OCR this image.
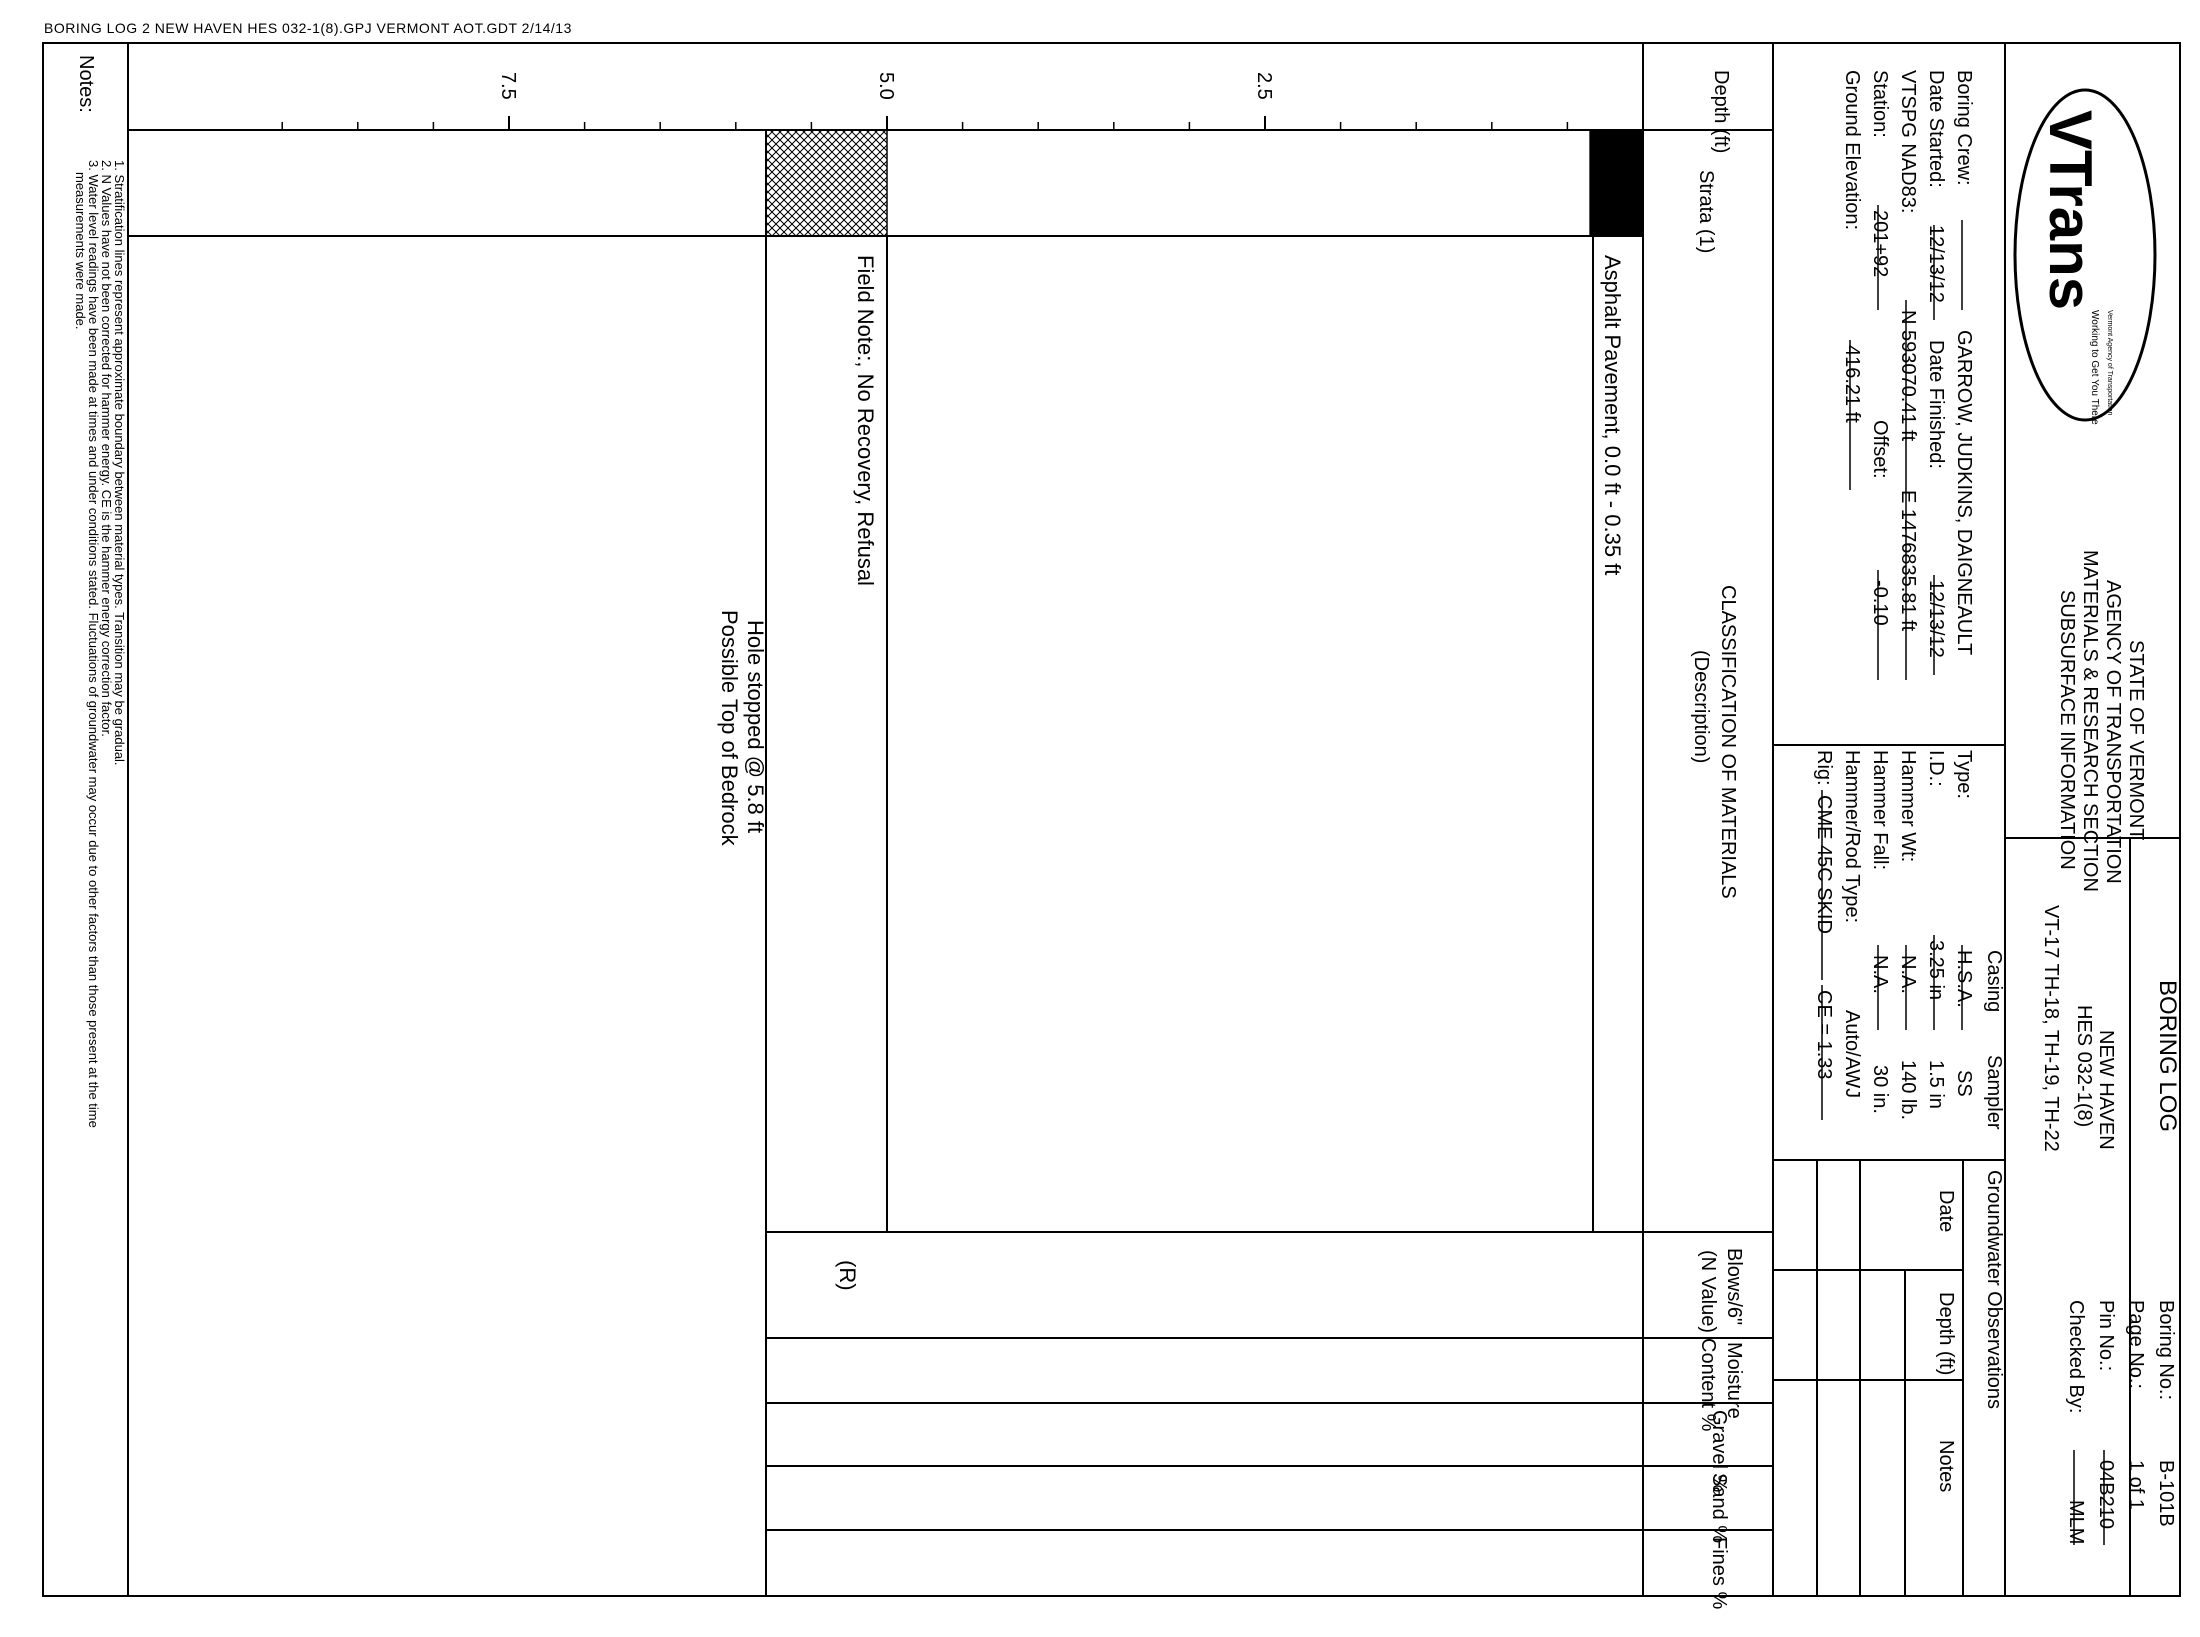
BORING LOG 2 NEW HAVEN HES 032-1(8).GPJ VERMONT AOT.GDT 2/14/13
2.5
5.0
7.5	Depth (ft)
Strata (1)
CLASSIFICATION OF MATERIALS
(Description)
Blows/6"
(N Value)
Moisture
Content %
Gravel %
Sand %
Fines %
Asphalt Pavement, 0.0 ft - 0.35 ft
Field Note:, No Recovery, Refusal
Hole stopped @ 5.8 ft
Possible Top of Bedrock
(R)
Notes:
1. Stratification lines represent approximate boundary between material types. Transition may be gradual.
2. N Values have not been corrected for hammer energy. CE is the hammer energy correction factor.
3. Water level readings have been made at times and under conditions stated. Fluctuations of groundwater may occur due to other factors than those present at the time
measurements were made.
Boring Crew:
GARROW, JUDKINS, DAIGNEAULT
Date Started:
12/13/12
Date Finished:
12/13/12
VTSPG NAD83:
N 593070.41 ft
E 1476835.81 ft
Station:
201+92
Offset:
-0.10
Ground Elevation:
416.21 ft
Casing
Sampler
Type:
H.S.A.
SS
I.D.:
3.25 in
1.5 in
Hammer Wt:
N.A.
140 lb.
Hammer Fall:
N.A.
30 in.
Hammer/Rod Type:
Auto/AWJ
Rig:
CME 45C SKID
CE = 1.33
Groundwater Observations
Date
Depth (ft)
Notes
STATE OF VERMONT
AGENCY OF TRANSPORTATION
MATERIALS & RESEARCH SECTION
SUBSURFACE INFORMATION
BORING LOG
NEW HAVEN
HES 032-1(8)
VT-17 TH-18, TH-19, TH-22
Boring No.:
B-101B
Page No.:
1 of 1
Pin No.:
04B210
Checked By:
MLM
VTrans
Working to Get You There Vermont Agency of Transportation
